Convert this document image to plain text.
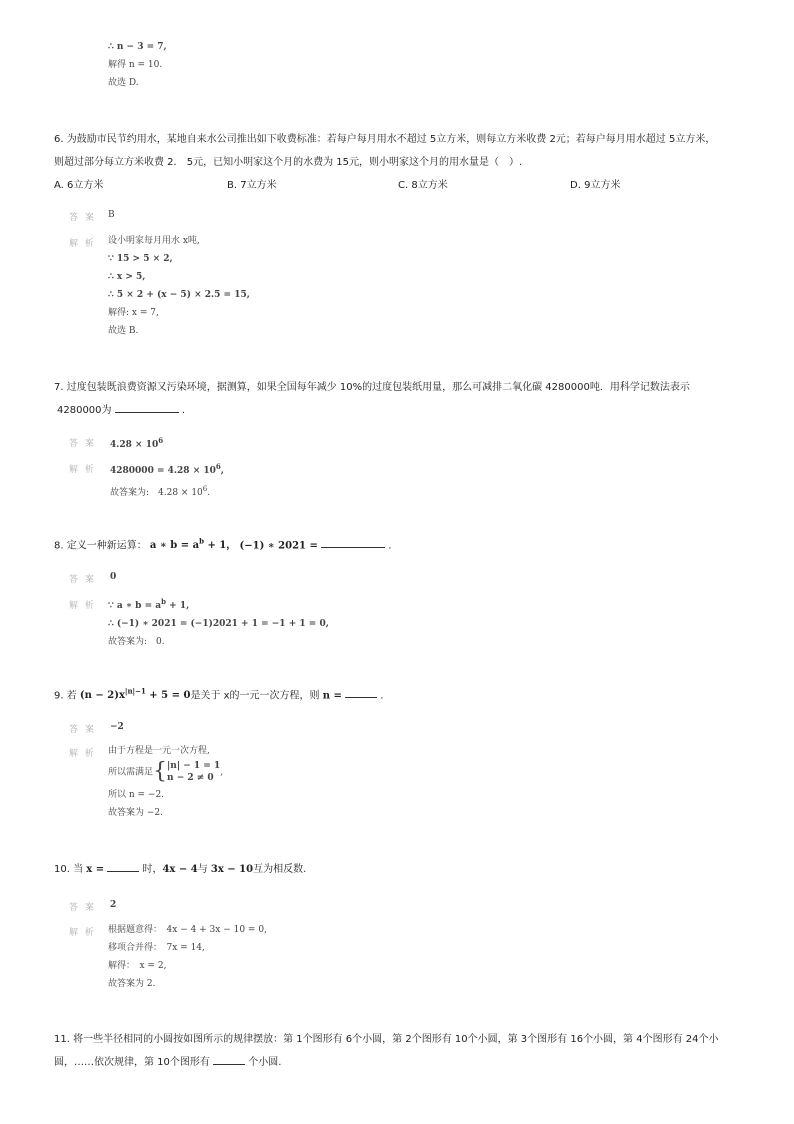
∴ n − 3 = 7,
解得 n = 10.
故选 D.
6. 为鼓励市民节约用水，某地自来水公司推出如下收费标准：若每户每月用水不超过 5立方米，则每立方米收费 2元；若每户每月用水超过 5立方米，
则超过部分每立方米收费 2． 5元，已知小明家这个月的水费为 15元，则小明家这个月的用水量是（　）.
A. 6立方米	B. 7立方米	C. 8立方米	D. 9立方米
答 案 B
解 析 设小明家每月用水 x吨,
∵ 15 > 5 × 2,
∴ x > 5,
∴ 5 × 2 + (x − 5) × 2.5 = 15,
解得: x = 7,
故选 B.
7. 过度包装既浪费资源又污染环境，据测算，如果全国每年减少 10%的过度包装纸用量，那么可减排二氧化碳 4280000吨．用科学记数法表示
4280000为	.
答 案 $4.28 \times 10^6$
解 析 $4280000 = 4.28 \times 10^6$,
故答案为:　$4.28 \times 10^6$.
8. 定义一种新运算： a ∗ $b = a^b + 1$， (−1) ∗ 2021 =	.
答 案 0
解 析 ∵ a ∗ $b = a^b + 1$,
∴ (−1) ∗ 2021 = (−1)2021 + 1 = −1 + 1 = 0,
故答案为:　0.
9. 若 $(n - 2)x^{|n|-1} + 5 = 0$是关于 x的一元一次方程，则 n =	.
答 案 −2
解 析 由于方程是一元一次方程,
所以需满足{ |n| − 1 = 1
n − 2 ≠ 0
,
所以 n = −2.
故答案为 −2.
10. 当 x =	时，4x − 4与 3x − 10互为相反数.
答 案 2
解 析 根据题意得：　4x − 4 + 3x − 10 = 0,
移项合并得：　7x = 14,
解得：　x = 2,
故答案为 2.
11. 将一些半径相同的小圆按如图所示的规律摆放：第 1个图形有 6个小圆，第 2个图形有 10个小圆，第 3个图形有 16个小圆，第 4个图形有 24个小
圆，……依次规律，第 10个图形有	个小圆.
